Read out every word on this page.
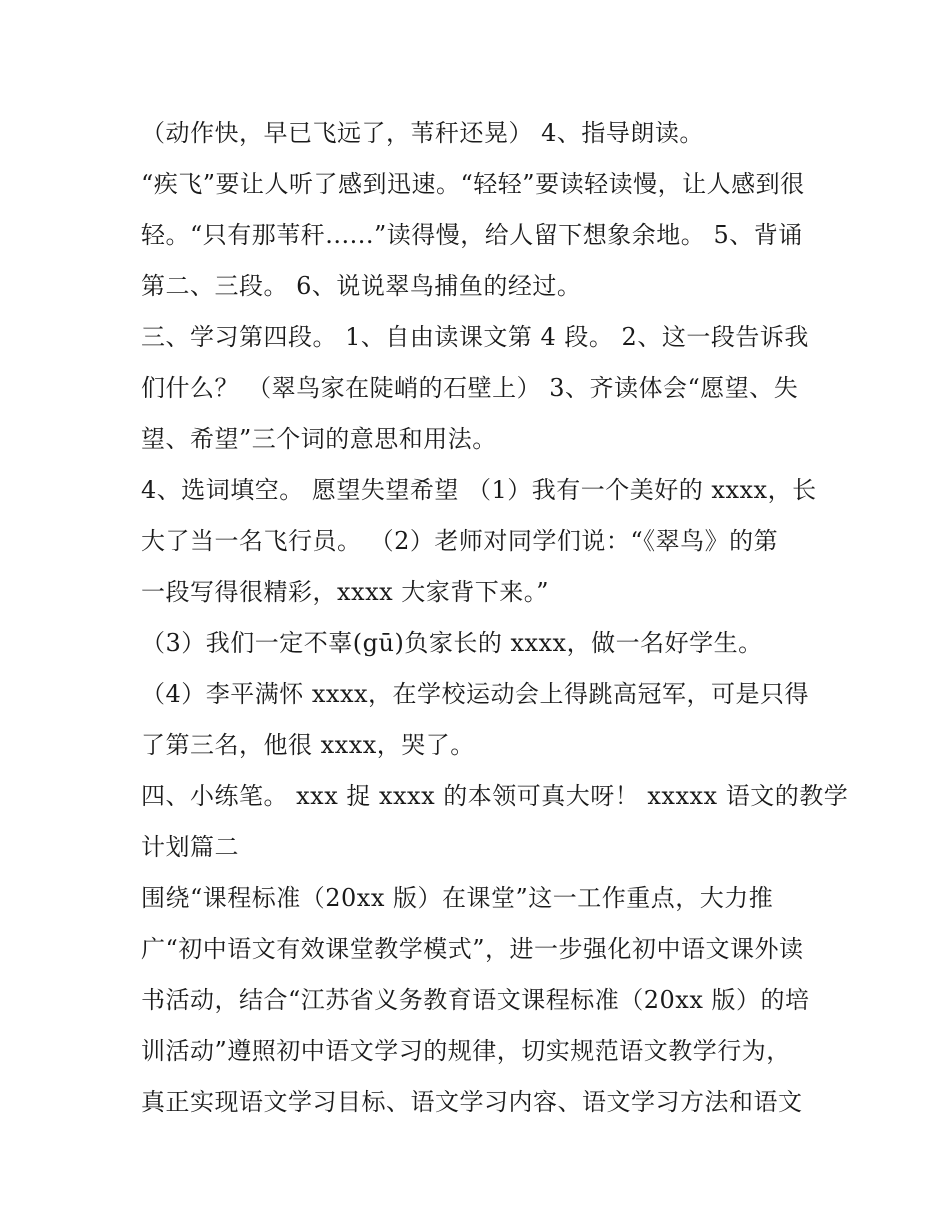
（动作快，早已飞远了，苇秆还晃） 4、指导朗读。
“疾飞”要让人听了感到迅速。“轻轻”要读轻读慢，让人感到很
轻。“只有那苇秆......”读得慢，给人留下想象余地。 5、背诵
第二、三段。 6、说说翠鸟捕鱼的经过。
三、学习第四段。 1、自由读课文第 4 段。 2、这一段告诉我
们什么？ （翠鸟家在陡峭的石壁上） 3、齐读体会“愿望、失
望、希望”三个词的意思和用法。
4、选词填空。 愿望失望希望 （1）我有一个美好的 xxxx，长
大了当一名飞行员。 （2）老师对同学们说：“《翠鸟》的第
一段写得很精彩，xxxx 大家背下来。”
（3）我们一定不辜(gū)负家长的 xxxx，做一名好学生。
（4）李平满怀 xxxx，在学校运动会上得跳高冠军，可是只得
了第三名，他很 xxxx，哭了。
四、小练笔。 xxx 捉 xxxx 的本领可真大呀！ xxxxx 语文的教学
计划篇二
围绕“课程标准（20xx 版）在课堂”这一工作重点，大力推
广“初中语文有效课堂教学模式”，进一步强化初中语文课外读
书活动，结合“江苏省义务教育语文课程标准（20xx 版）的培
训活动”遵照初中语文学习的规律，切实规范语文教学行为，
真正实现语文学习目标、语文学习内容、语文学习方法和语文
